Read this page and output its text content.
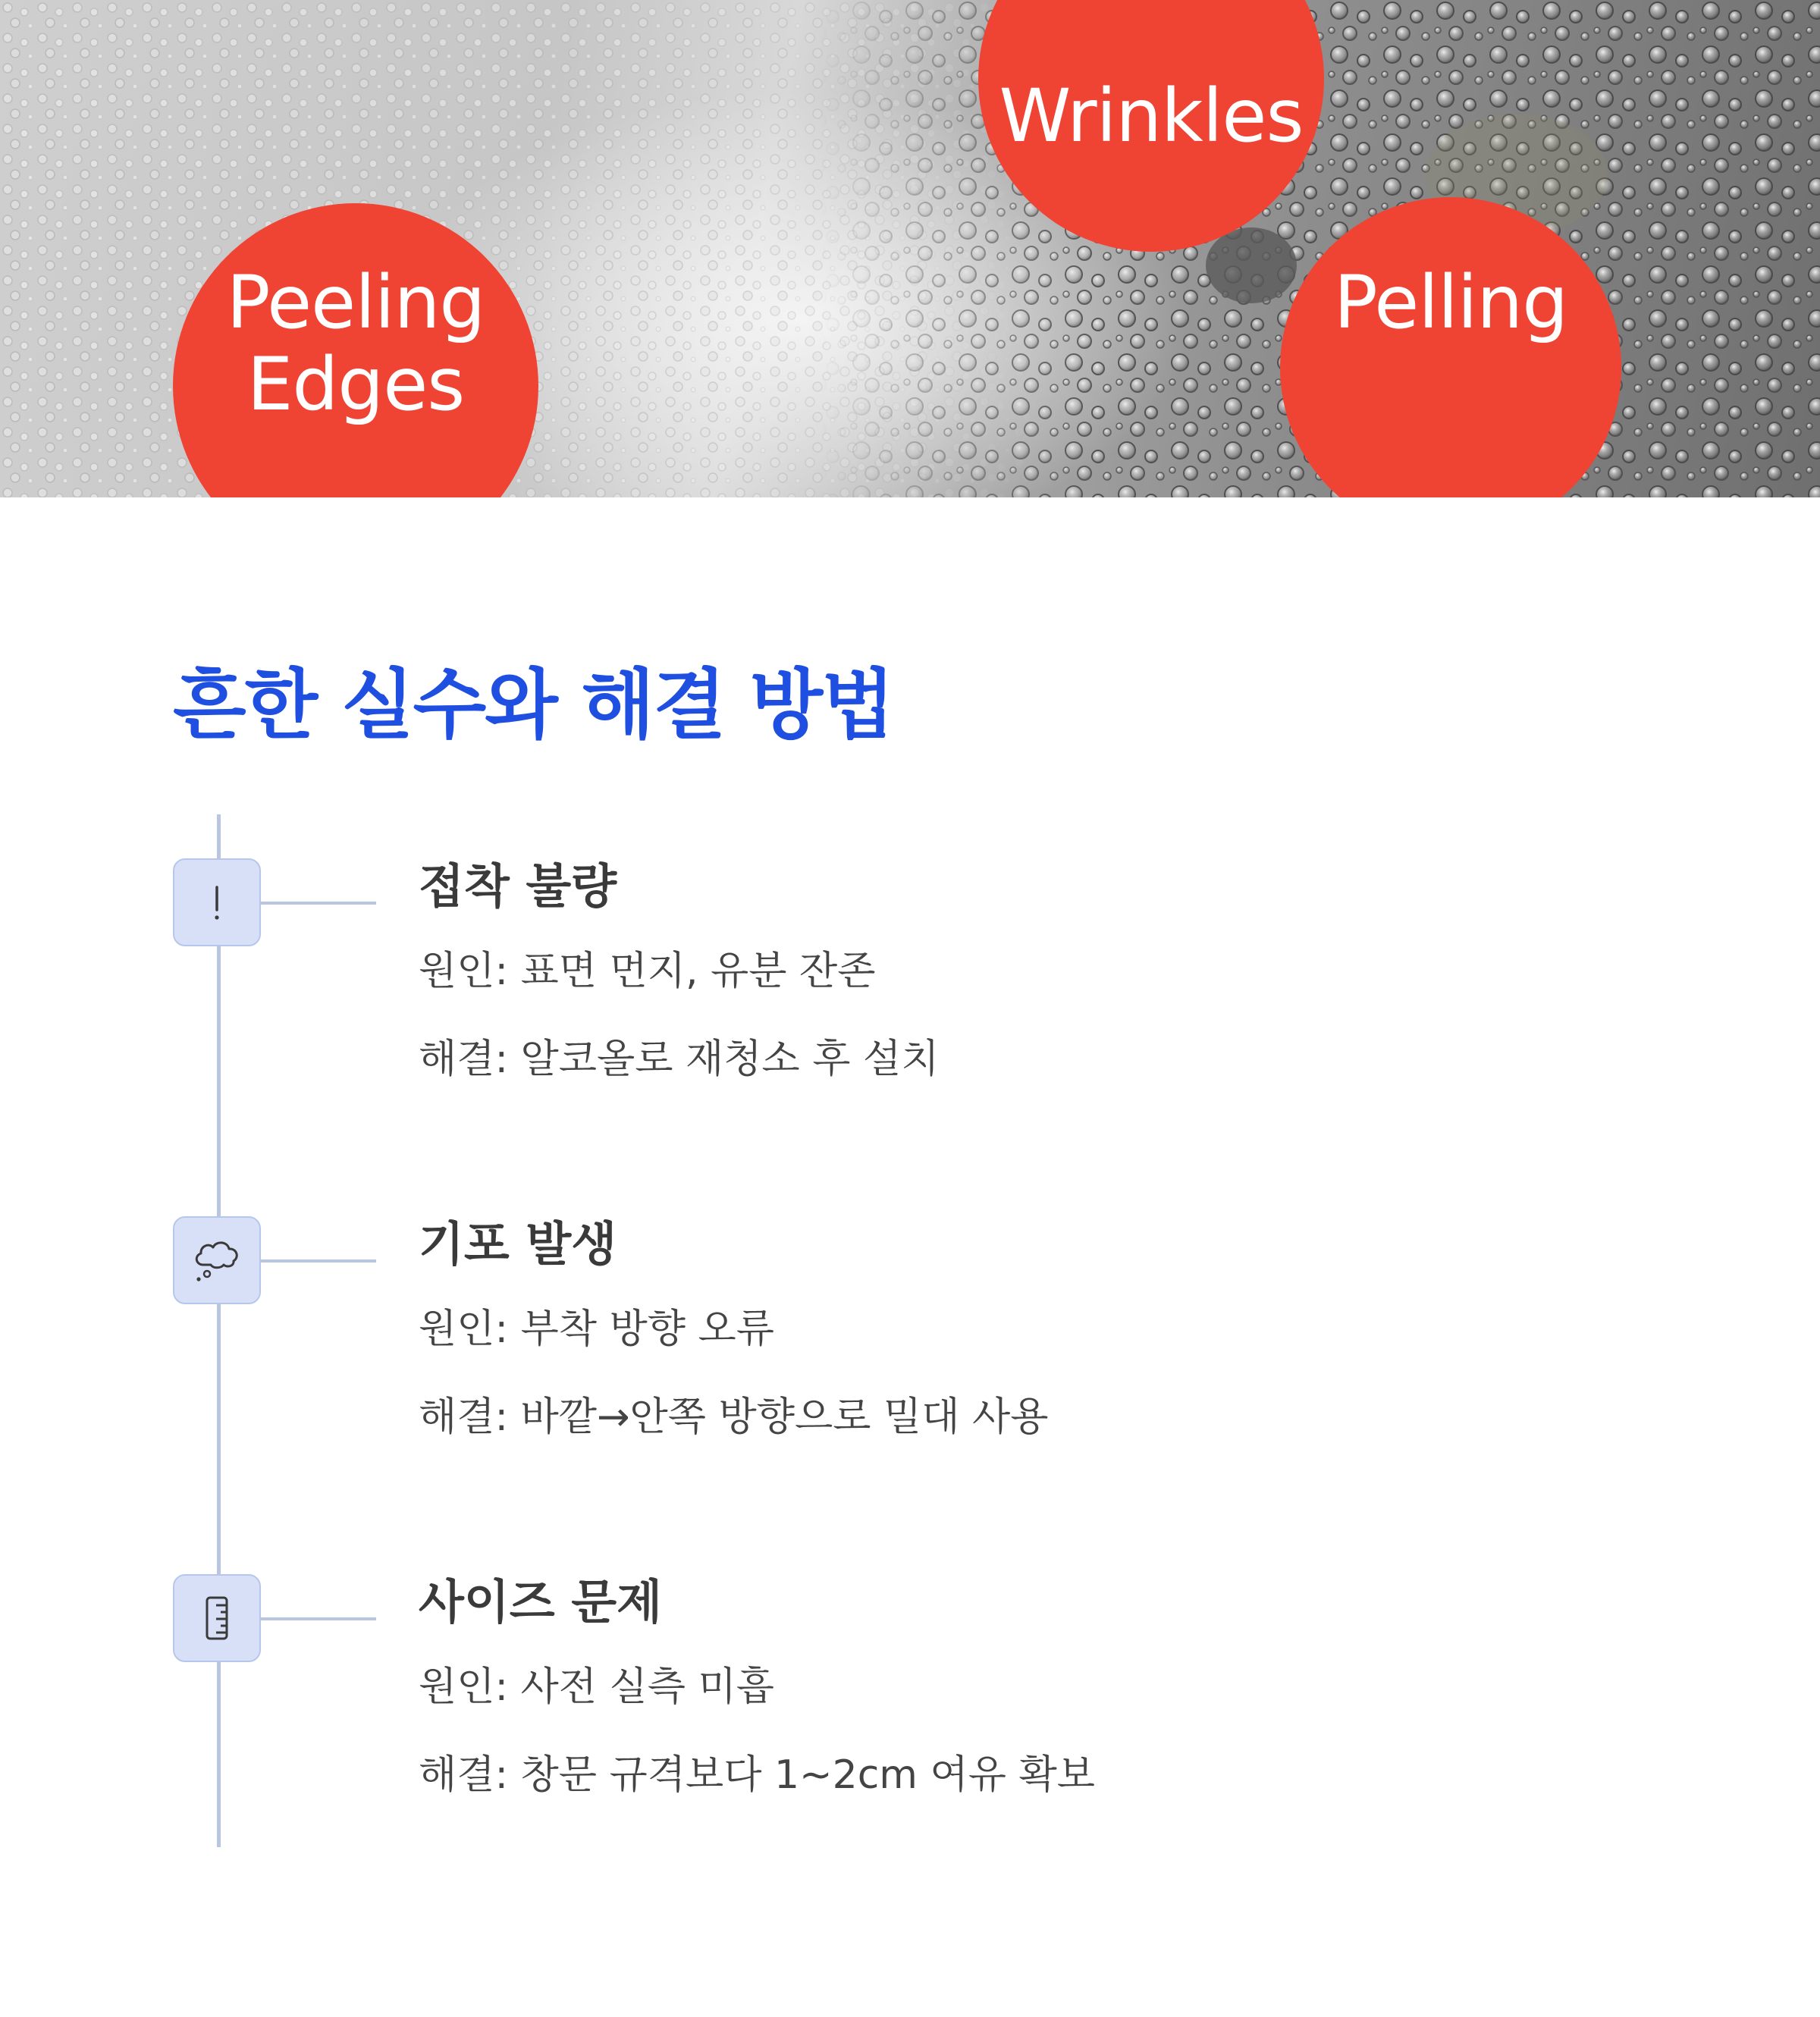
Peeling
Edges
Wrinkles
Pelling
흔한 실수와 해결 방법
접착 불량

원인: 표면 먼지, 유분 잔존

해결: 알코올로 재청소 후 설치

기포 발생

원인: 부착 방향 오류

해결: 바깥→안쪽 방향으로 밀대 사용

사이즈 문제

원인: 사전 실측 미흡

해결: 창문 규격보다 1~2cm 여유 확보
